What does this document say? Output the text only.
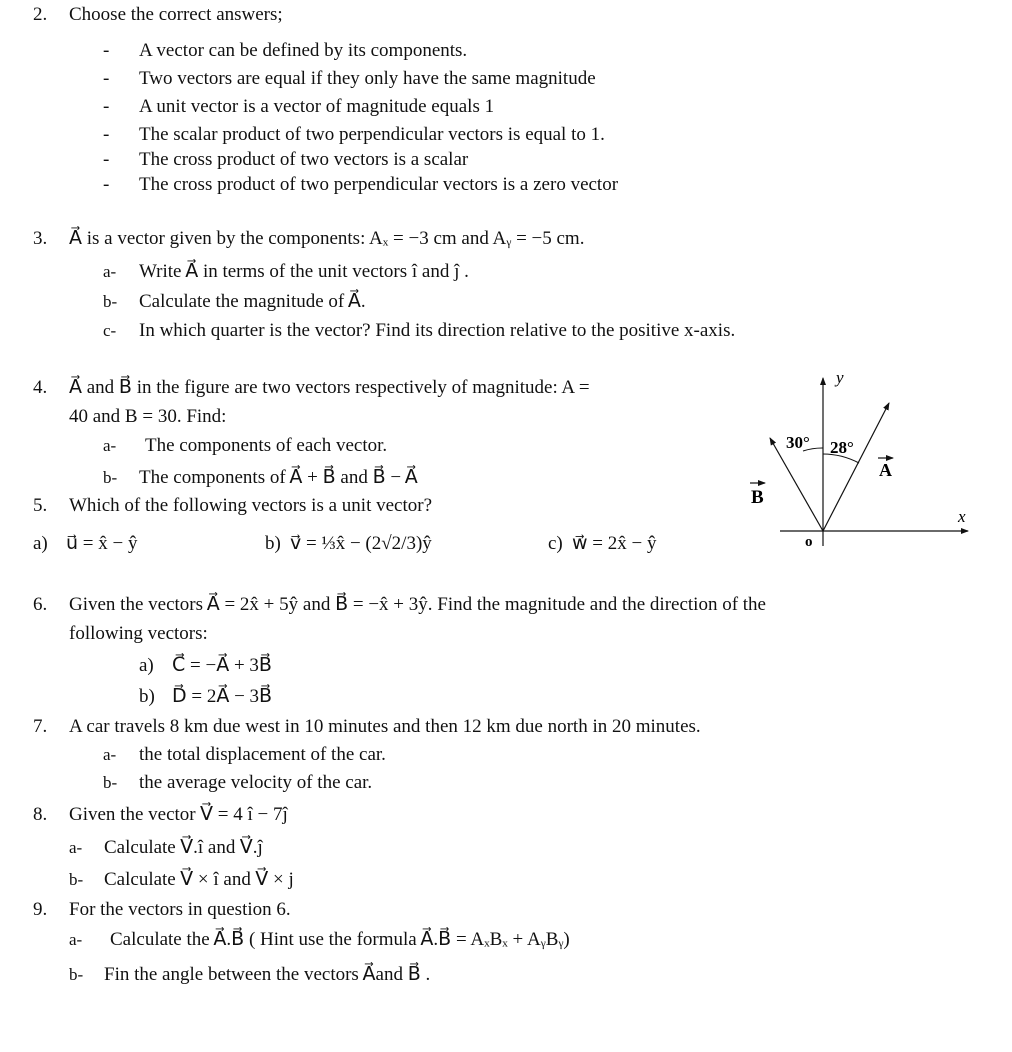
2. Choose the correct answers;
- A vector can be defined by its components.
- Two vectors are equal if they only have the same magnitude
- A unit vector is a vector of magnitude equals 1
- The scalar product of two perpendicular vectors is equal to 1.
- The cross product of two vectors is a scalar
- The cross product of two perpendicular vectors is a zero vector
3. A⃗ is a vector given by the components: Aₓ = −3 cm and Aᵧ = −5 cm.
a- Write A⃗ in terms of the unit vectors î and ĵ .
b- Calculate the magnitude of A⃗.
c- In which quarter is the vector? Find its direction relative to the positive x-axis.
4. A⃗ and B⃗ in the figure are two vectors respectively of magnitude: A =
40 and B = 30. Find:
a- The components of each vector.
b- The components of A⃗ + B⃗ and B⃗ − A⃗
5. Which of the following vectors is a unit vector?
a) u⃗ = x̂ − ŷ	b) v⃗ = ⅓x̂ − (2√2/3)ŷ	c) w⃗ = 2x̂ − ŷ
y
x
o
30° 28°
A
B
6. Given the vectors A⃗ = 2x̂ + 5ŷ and B⃗ = −x̂ + 3ŷ. Find the magnitude and the direction of the
following vectors:
a) C⃗ = −A⃗ + 3B⃗
b) D⃗ = 2A⃗ − 3B⃗
7. A car travels 8 km due west in 10 minutes and then 12 km due north in 20 minutes.
a- the total displacement of the car.
b- the average velocity of the car.
8. Given the vector V⃗ = 4 î − 7ĵ
a- Calculate V⃗.î and V⃗.ĵ
b- Calculate V⃗ × î and V⃗ × j
9. For the vectors in question 6.
a- Calculate the A⃗.B⃗ ( Hint use the formula A⃗.B⃗ = AₓBₓ + AᵧBᵧ)
b- Fin the angle between the vectors A⃗and B⃗ .
